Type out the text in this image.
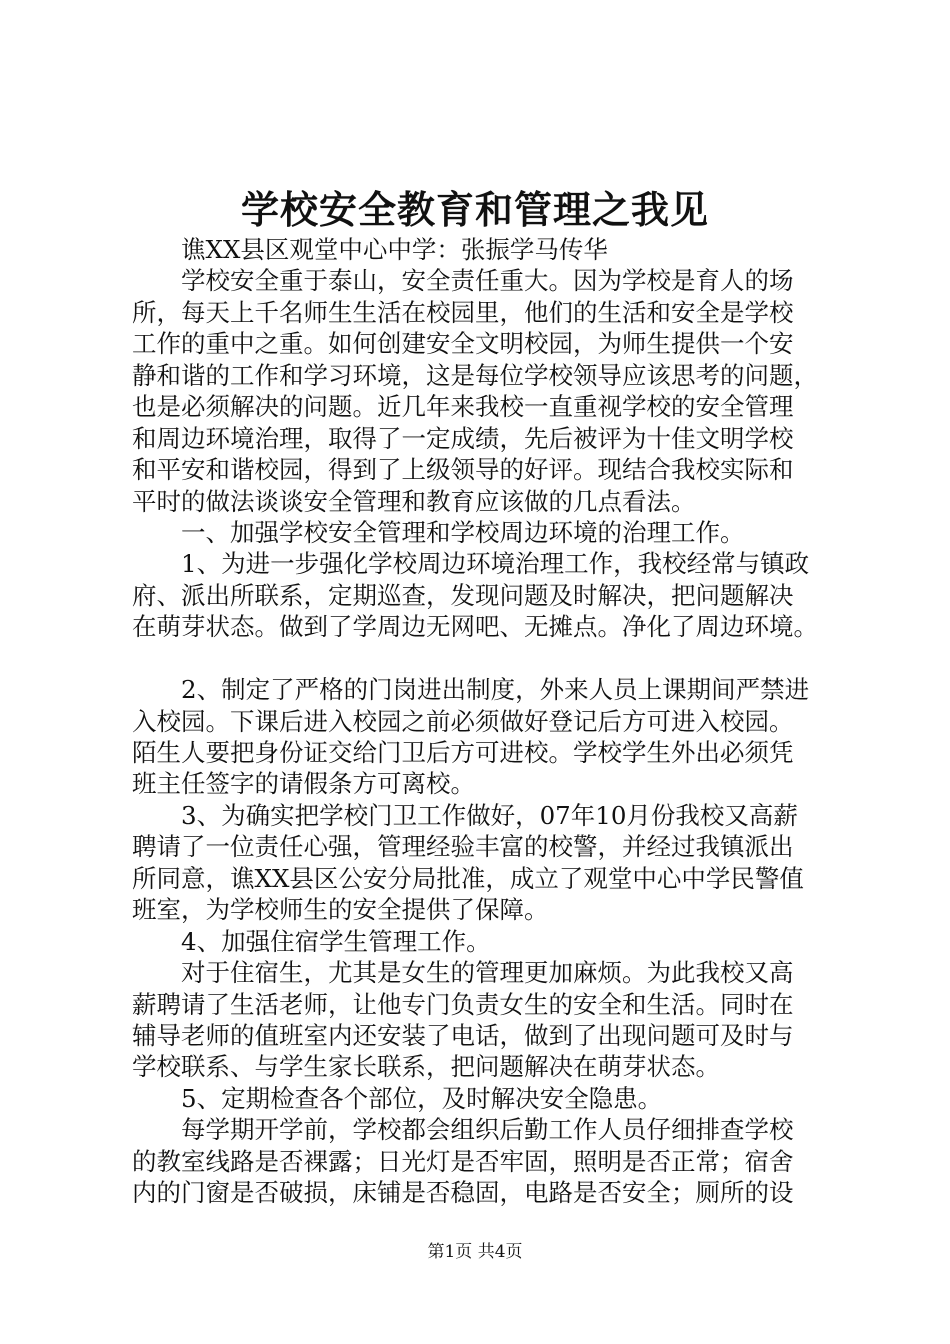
学校安全教育和管理之我见
谯XX县区观堂中心中学：张振学马传华
学校安全重于泰山，安全责任重大。因为学校是育人的场
所，每天上千名师生生活在校园里，他们的生活和安全是学校
工作的重中之重。如何创建安全文明校园，为师生提供一个安
静和谐的工作和学习环境，这是每位学校领导应该思考的问题，
也是必须解决的问题。近几年来我校一直重视学校的安全管理
和周边环境治理，取得了一定成绩，先后被评为十佳文明学校
和平安和谐校园，得到了上级领导的好评。现结合我校实际和
平时的做法谈谈安全管理和教育应该做的几点看法。
一、加强学校安全管理和学校周边环境的治理工作。
1、为进一步强化学校周边环境治理工作，我校经常与镇政
府、派出所联系，定期巡查，发现问题及时解决，把问题解决
在萌芽状态。做到了学周边无网吧、无摊点。净化了周边环境。
2、制定了严格的门岗进出制度，外来人员上课期间严禁进
入校园。下课后进入校园之前必须做好登记后方可进入校园。
陌生人要把身份证交给门卫后方可进校。学校学生外出必须凭
班主任签字的请假条方可离校。
3、为确实把学校门卫工作做好，07年10月份我校又高薪
聘请了一位责任心强，管理经验丰富的校警，并经过我镇派出
所同意，谯XX县区公安分局批准，成立了观堂中心中学民警值
班室，为学校师生的安全提供了保障。
4、加强住宿学生管理工作。
对于住宿生，尤其是女生的管理更加麻烦。为此我校又高
薪聘请了生活老师，让他专门负责女生的安全和生活。同时在
辅导老师的值班室内还安装了电话，做到了出现问题可及时与
学校联系、与学生家长联系，把问题解决在萌芽状态。
5、定期检查各个部位，及时解决安全隐患。
每学期开学前，学校都会组织后勤工作人员仔细排查学校
的教室线路是否裸露；日光灯是否牢固，照明是否正常；宿舍
内的门窗是否破损，床铺是否稳固，电路是否安全；厕所的设
第1页 共4页
